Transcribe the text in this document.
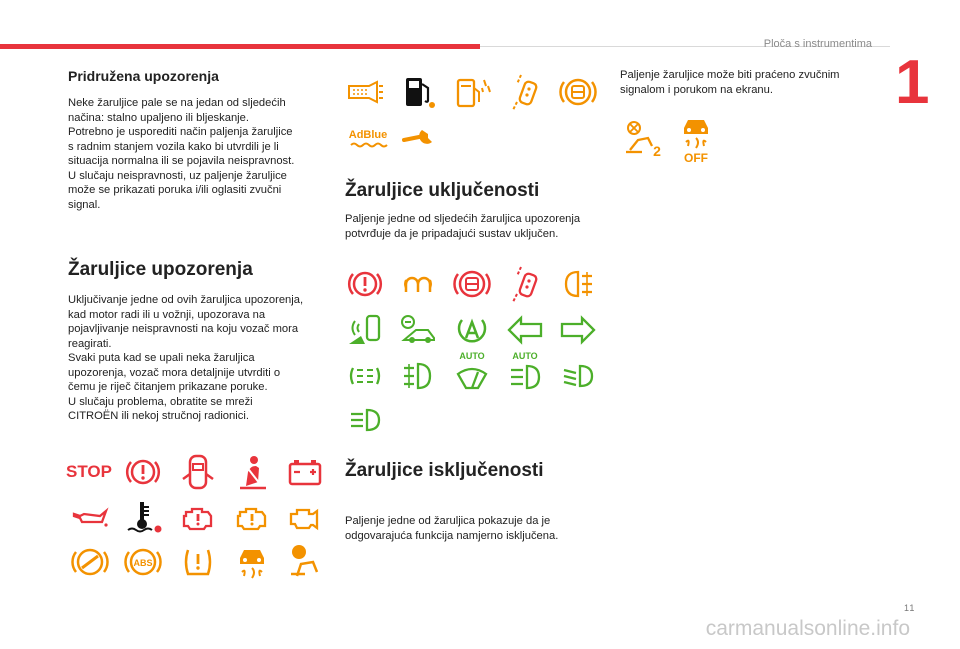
Ploča s instrumentima
1
Pridružena upozorenja
Neke žaruljice pale se na jedan od sljedećih
načina: stalno upaljeno ili bljeskanje.
Potrebno je usporediti način paljenja žaruljice
s radnim stanjem vozila kako bi utvrdili je li
situacija normalna ili se pojavila neispravnost.
U slučaju neispravnosti, uz paljenje žaruljice
može se prikazati poruka i/ili oglasiti zvučni
signal.
Žaruljice upozorenja
Uključivanje jedne od ovih žaruljica upozorenja,
kad motor radi ili u vožnji, upozorava na
pojavljivanje neispravnosti na koju vozač mora
reagirati.
Svaki puta kad se upali neka žaruljica
upozorenja, vozač mora detaljnije utvrditi o
čemu je riječ čitanjem prikazane poruke.
U slučaju problema, obratite se mreži
CITROËN ili nekoj stručnoj radionici.
Žaruljice uključenosti
Paljenje jedne od sljedećih žaruljica upozorenja
potvrđuje da je pripadajući sustav uključen.
Žaruljice isključenosti
Paljenje jedne od žaruljica pokazuje da je
odgovarajuća funkcija namjerno isključena.
Paljenje žaruljice može biti praćeno zvučnim
signalom i porukom na ekranu.
STOP
ABS
AdBlue
AUTO	AUTO
2 OFF
11
carmanualsonline.info
